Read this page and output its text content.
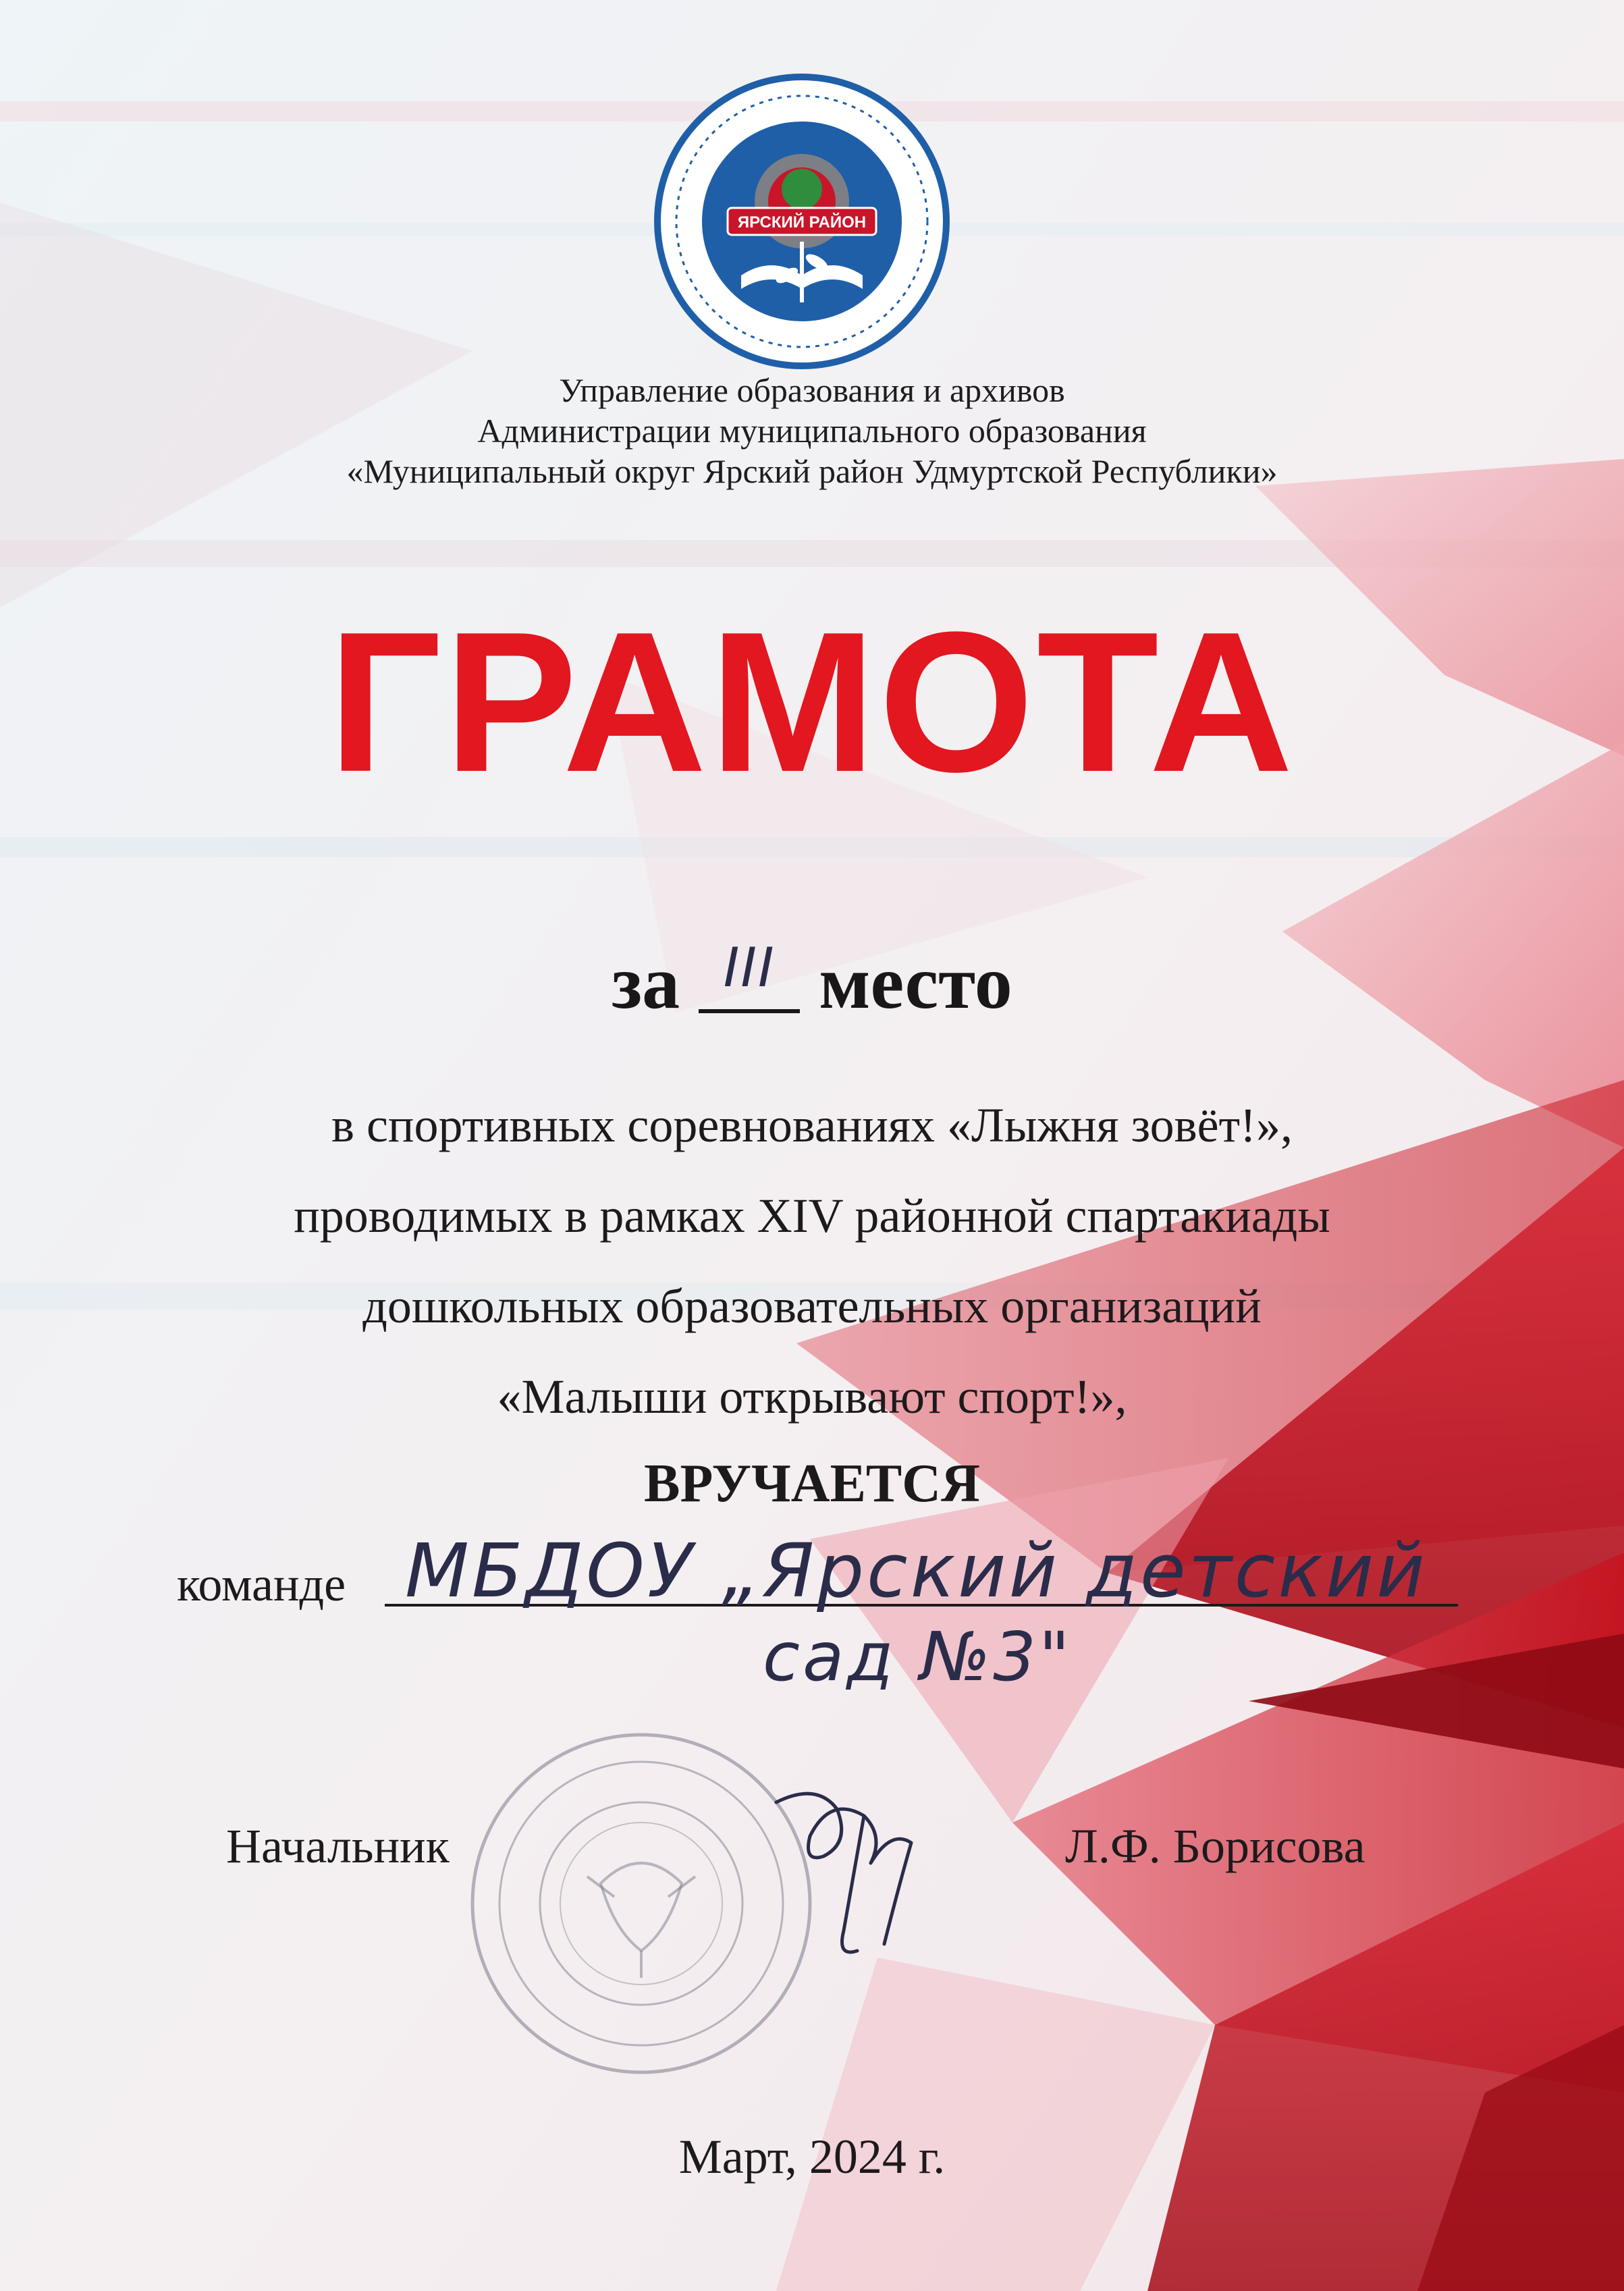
ЯРСКИЙ РАЙОН
Управление образования и архивов
Администрации муниципального образования
«Муниципальный округ Ярский район Удмуртской Республики»
ГРАМОТА
за III место
в спортивных соревнованиях «Лыжня зовёт!»,
проводимых в рамках XIV районной спартакиады
дошкольных образовательных организаций
«Малыши открывают спорт!»,
ВРУЧАЕТСЯ
команде МБДОУ „Ярский детский
сад №3"
Начальник	Л.Ф. Борисова
Март, 2024 г.
